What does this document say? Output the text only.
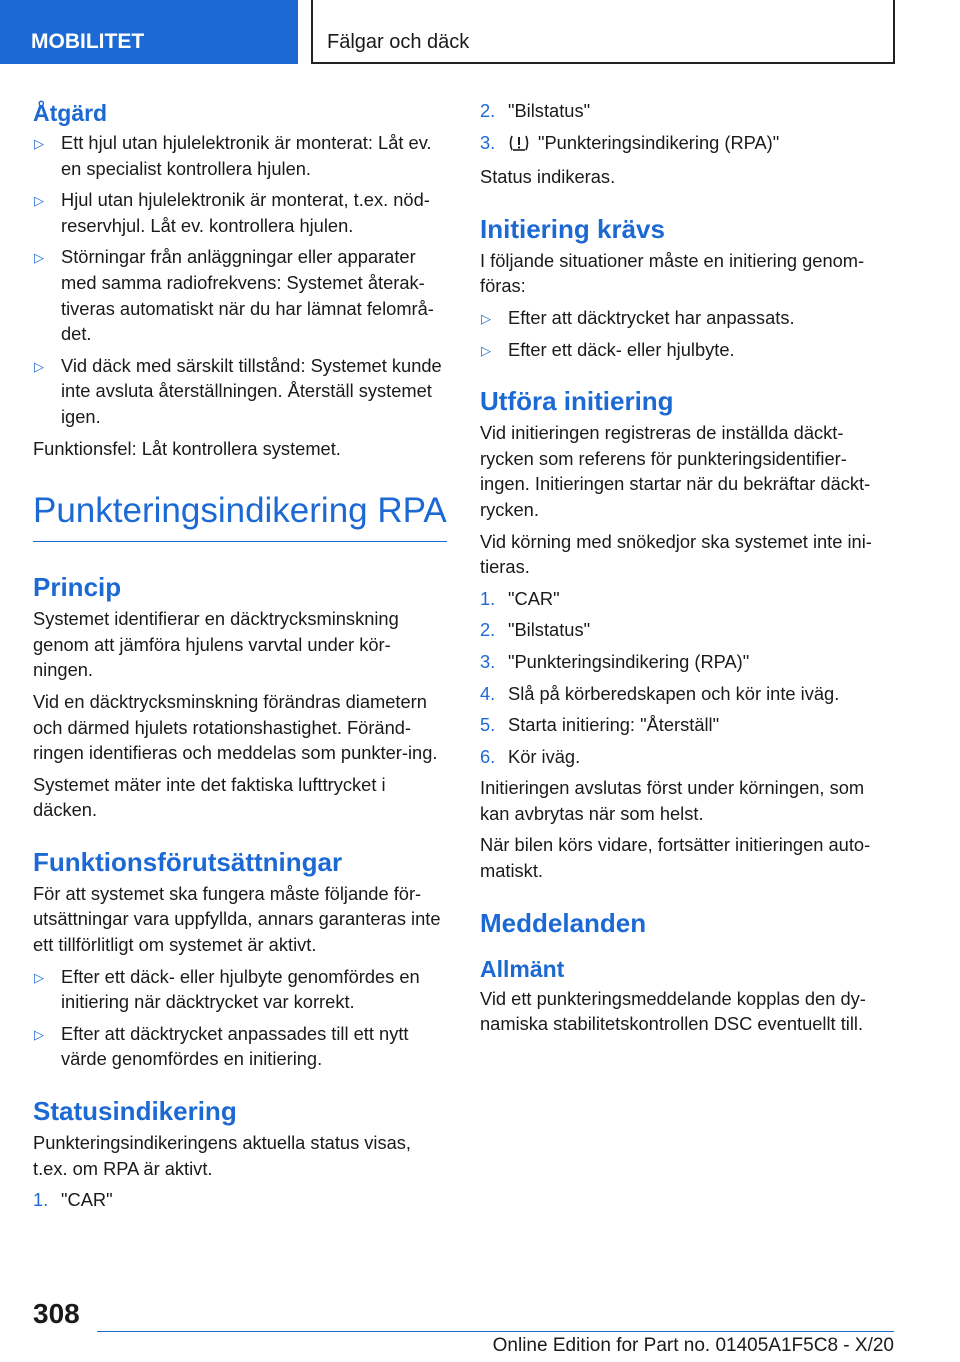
MOBILITET	Fälgar och däck
Åtgärd
▷ Ett hjul utan hjulelektronik är monterat: Låt ev. en specialist kontrollera hjulen.
▷ Hjul utan hjulelektronik är monterat, t.ex. nöd-reservhjul. Låt ev. kontrollera hjulen.
▷ Störningar från anläggningar eller apparater med samma radiofrekvens: Systemet återak-tiveras automatiskt när du har lämnat felområ-det.
▷ Vid däck med särskilt tillstånd: Systemet kunde inte avsluta återställningen. Återställ systemet igen.

Funktionsfel: Låt kontrollera systemet.

Punkteringsindikering RPA
Princip

Systemet identifierar en däcktrycksminskning genom att jämföra hjulens varvtal under kör-ningen.

Vid en däcktrycksminskning förändras diametern och därmed hjulets rotationshastighet. Föränd-ringen identifieras och meddelas som punkter-ing.

Systemet mäter inte det faktiska lufttrycket i däcken.

Funktionsförutsättningar

För att systemet ska fungera måste följande för-utsättningar vara uppfyllda, annars garanteras inte ett tillförlitligt om systemet är aktivt.

▷ Efter ett däck- eller hjulbyte genomfördes en initiering när däcktrycket var korrekt.
▷ Efter att däcktrycket anpassades till ett nytt värde genomfördes en initiering.
Statusindikering

Punkteringsindikeringens aktuella status visas, t.ex. om RPA är aktivt.

1. "CAR"
2. "Bilstatus"
3. "Punkteringsindikering (RPA)"

Status indikeras.

Initiering krävs

I följande situationer måste en initiering genom-föras:

▷ Efter att däcktrycket har anpassats.
▷ Efter ett däck- eller hjulbyte.
Utföra initiering

Vid initieringen registreras de inställda däckt-rycken som referens för punkteringsidentifier-ingen. Initieringen startar när du bekräftar däckt-rycken.

Vid körning med snökedjor ska systemet inte ini-tieras.

1. "CAR"
2. "Bilstatus"
3. "Punkteringsindikering (RPA)"
4. Slå på körberedskapen och kör inte iväg.
5. Starta initiering: "Återställ"
6. Kör iväg.

Initieringen avslutas först under körningen, som kan avbrytas när som helst.

När bilen körs vidare, fortsätter initieringen auto-matiskt.

Meddelanden
Allmänt

Vid ett punkteringsmeddelande kopplas den dy-namiska stabilitetskontrollen DSC eventuellt till.

308
Online Edition for Part no. 01405A1F5C8 - X/20
